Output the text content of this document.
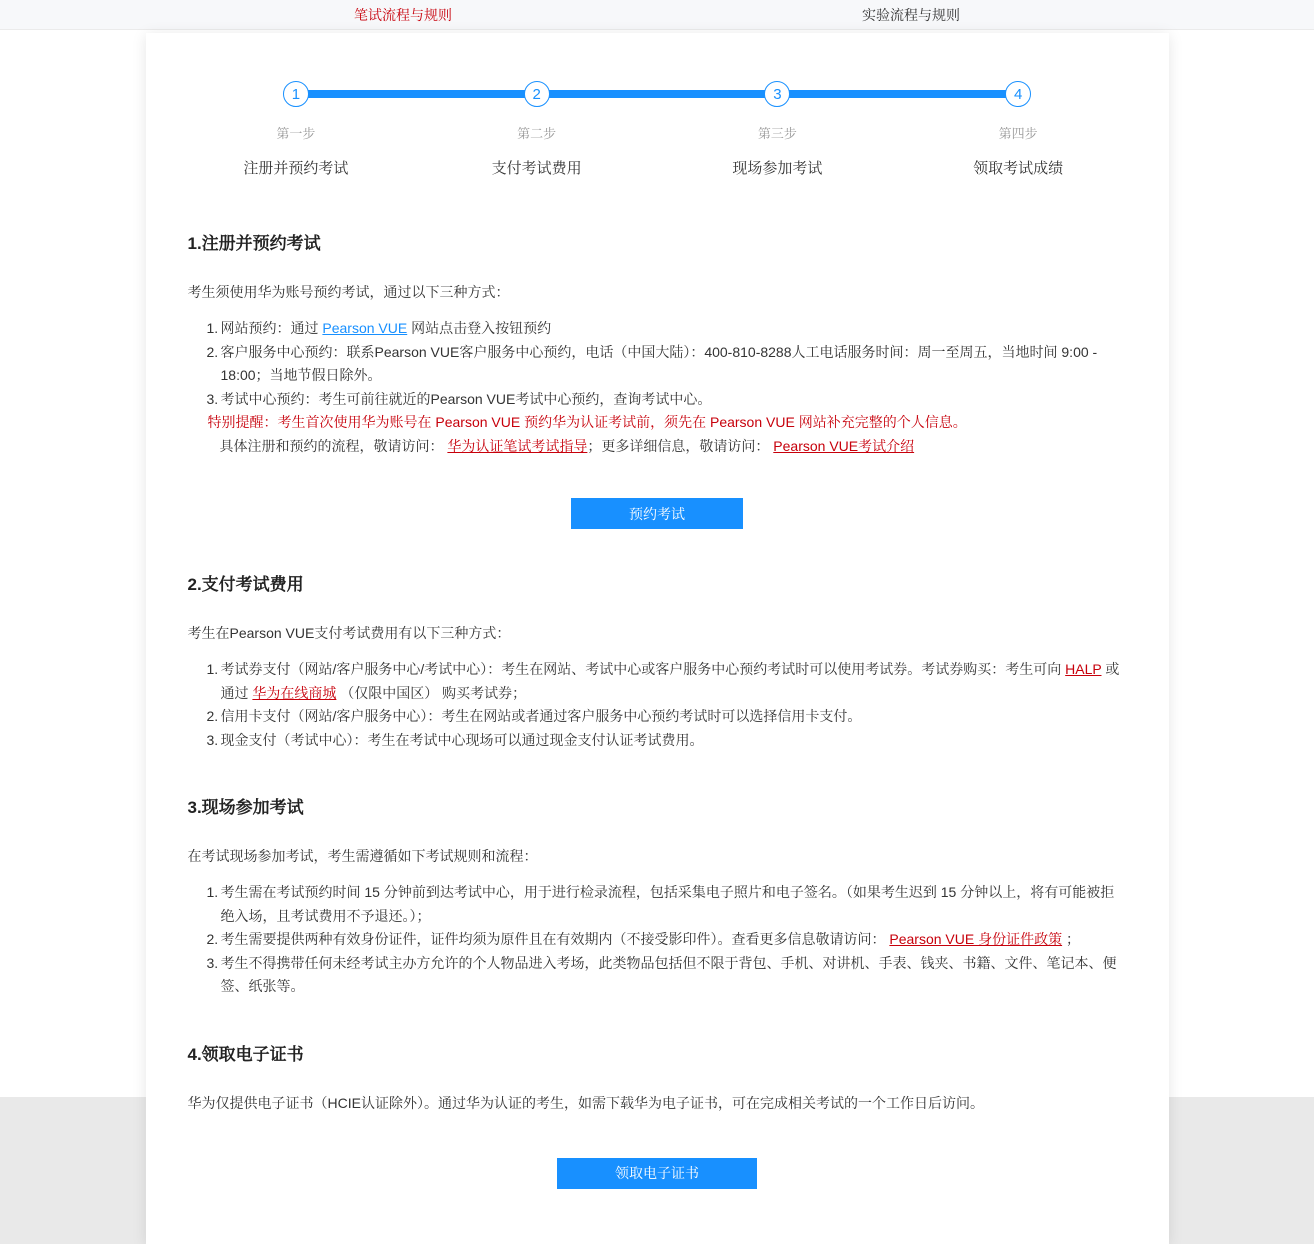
笔试流程与规则	实验流程与规则
1
第一步
注册并预约考试
2
第二步
支付考试费用
3
第三步
现场参加考试
4
第四步
领取考试成绩
1.注册并预约考试

考生须使用华为账号预约考试，通过以下三种方式：

1. 网站预约：通过 Pearson VUE 网站点击登入按钮预约
2. 客户服务中心预约：联系Pearson VUE客户服务中心预约，电话（中国大陆）：400-810-8288人工电话服务时间：周一至周五，当地时间 9:00 - 18:00；当地节假日除外。
3. 考试中心预约：考生可前往就近的Pearson VUE考试中心预约，查询考试中心。
特别提醒：考生首次使用华为账号在 Pearson VUE 预约华为认证考试前，须先在 Pearson VUE 网站补充完整的个人信息。
具体注册和预约的流程，敬请访问： 华为认证笔试考试指导；更多详细信息，敬请访问： Pearson VUE考试介绍
预约考试
2.支付考试费用

考生在Pearson VUE支付考试费用有以下三种方式：

1. 考试券支付（网站/客户服务中心/考试中心）：考生在网站、考试中心或客户服务中心预约考试时可以使用考试券。考试券购买：考生可向 HALP 或通过 华为在线商城 （仅限中国区） 购买考试券；
2. 信用卡支付（网站/客户服务中心）：考生在网站或者通过客户服务中心预约考试时可以选择信用卡支付。
3. 现金支付（考试中心）：考生在考试中心现场可以通过现金支付认证考试费用。
3.现场参加考试

在考试现场参加考试，考生需遵循如下考试规则和流程：

1. 考生需在考试预约时间 15 分钟前到达考试中心，用于进行检录流程，包括采集电子照片和电子签名。（如果考生迟到 15 分钟以上，将有可能被拒绝入场，且考试费用不予退还。）；
2. 考生需要提供两种有效身份证件，证件均须为原件且在有效期内（不接受影印件）。查看更多信息敬请访问： Pearson VUE 身份证件政策 ；
3. 考生不得携带任何未经考试主办方允许的个人物品进入考场，此类物品包括但不限于背包、手机、对讲机、手表、钱夹、书籍、文件、笔记本、便签、纸张等。
4.领取电子证书

华为仅提供电子证书（HCIE认证除外）。通过华为认证的考生，如需下载华为电子证书，可在完成相关考试的一个工作日后访问。

领取电子证书
